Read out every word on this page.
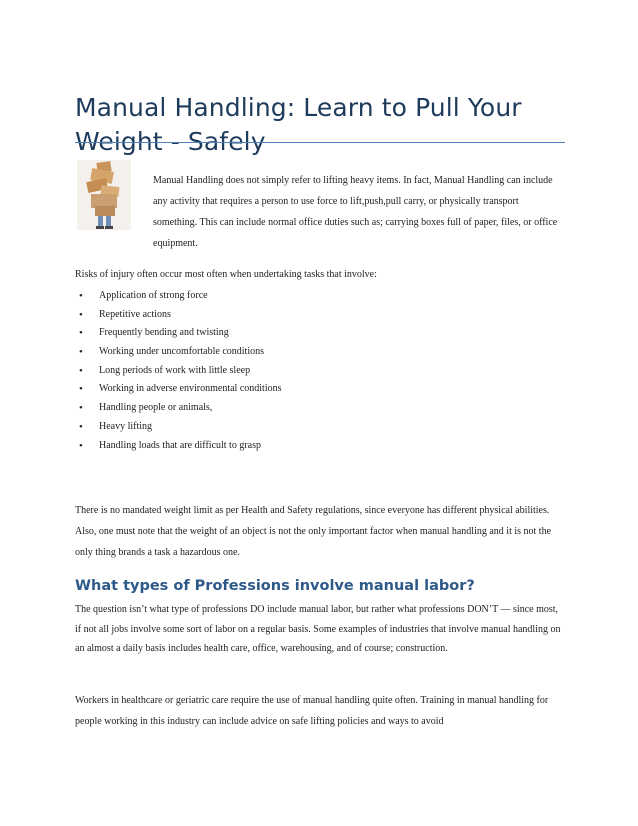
Manual Handling: Learn to Pull Your Weight - Safely

Manual Handling does not simply refer to lifting heavy items. In fact, Manual Handling can include any activity that requires a person to use force to lift,push,pull carry, or physically transport something. This can include normal office duties such as; carrying boxes full of paper, files, or office equipment.

Risks of injury often occur most often when undertaking tasks that involve:

• Application of strong force
• Repetitive actions
• Frequently bending and twisting
• Working under uncomfortable conditions
• Long periods of work with little sleep
• Working in adverse environmental conditions
• Handling people or animals,
• Heavy lifting
• Handling loads that are difficult to grasp

There is no mandated weight limit as per Health and Safety regulations, since everyone has different physical abilities. Also, one must note that the weight of an object is not the only important factor when manual handling and it is not the only thing brands a task a hazardous one.

What types of Professions involve manual labor?

The question isn’t what type of professions DO include manual labor, but rather what professions DON’T — since most, if not all jobs involve some sort of labor on a regular basis. Some examples of industries that involve manual handling on an almost a daily basis includes health care, office, warehousing, and of course; construction.

Workers in healthcare or geriatric care require the use of manual handling quite often. Training in manual handling for people working in this industry can include advice on safe lifting policies and ways to avoid
